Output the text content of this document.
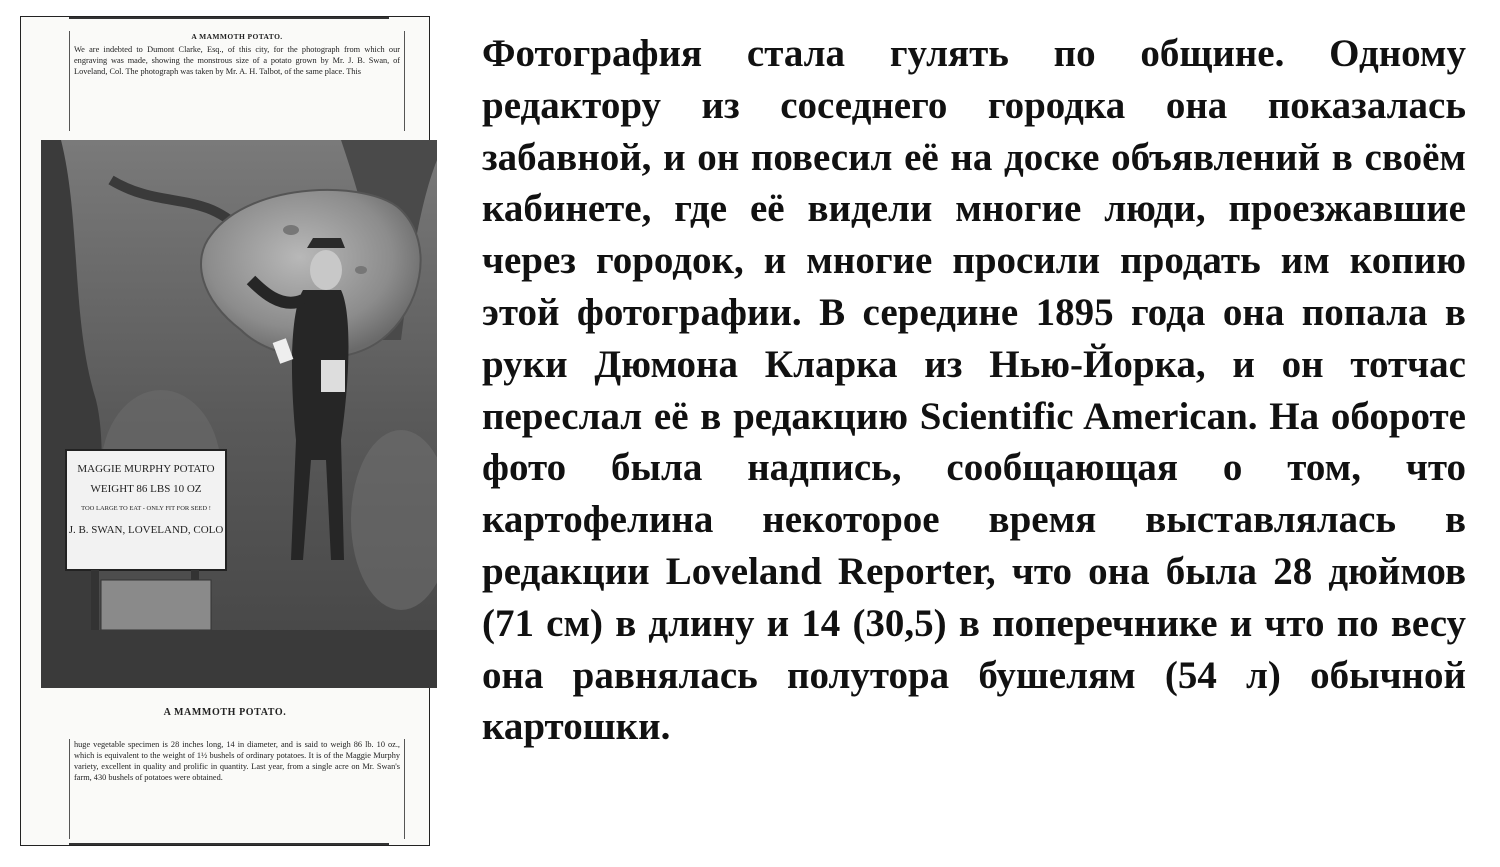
A MAMMOTH POTATO.
We are indebted to Dumont Clarke, Esq., of this city, for the photograph from which our engraving was made, showing the monstrous size of a potato grown by Mr. J. B. Swan, of Loveland, Col. The photograph was taken by Mr. A. H. Talbot, of the same place. This
MAGGIE MURPHY POTATO
WEIGHT 86 LBS 10 OZ
TOO LARGE TO EAT - ONLY FIT FOR SEED !
J. B. SWAN, LOVELAND, COLO
A MAMMOTH POTATO.
huge vegetable specimen is 28 inches long, 14 in diameter, and is said to weigh 86 lb. 10 oz., which is equivalent to the weight of 1½ bushels of ordinary potatoes. It is of the Maggie Murphy variety, excellent in quality and prolific in quantity. Last year, from a single acre on Mr. Swan's farm, 430 bushels of potatoes were obtained.

Фотография стала гулять по общине. Одному редактору из соседнего городка она показалась забавной, и он повесил её на доске объявлений в своём кабинете, где её видели многие люди, проезжавшие через городок, и многие просили продать им копию этой фотографии. В середине 1895 года она попала в руки Дюмона Кларка из Нью-Йорка, и он тотчас переслал её в редакцию Scientific American. На обороте фото была надпись, сообщающая о том, что картофелина некоторое время выставлялась в редакции Loveland Reporter, что она была 28 дюймов (71 см) в длину и 14 (30,5) в поперечнике и что по весу она равнялась полутора бушелям (54 л) обычной картошки.
